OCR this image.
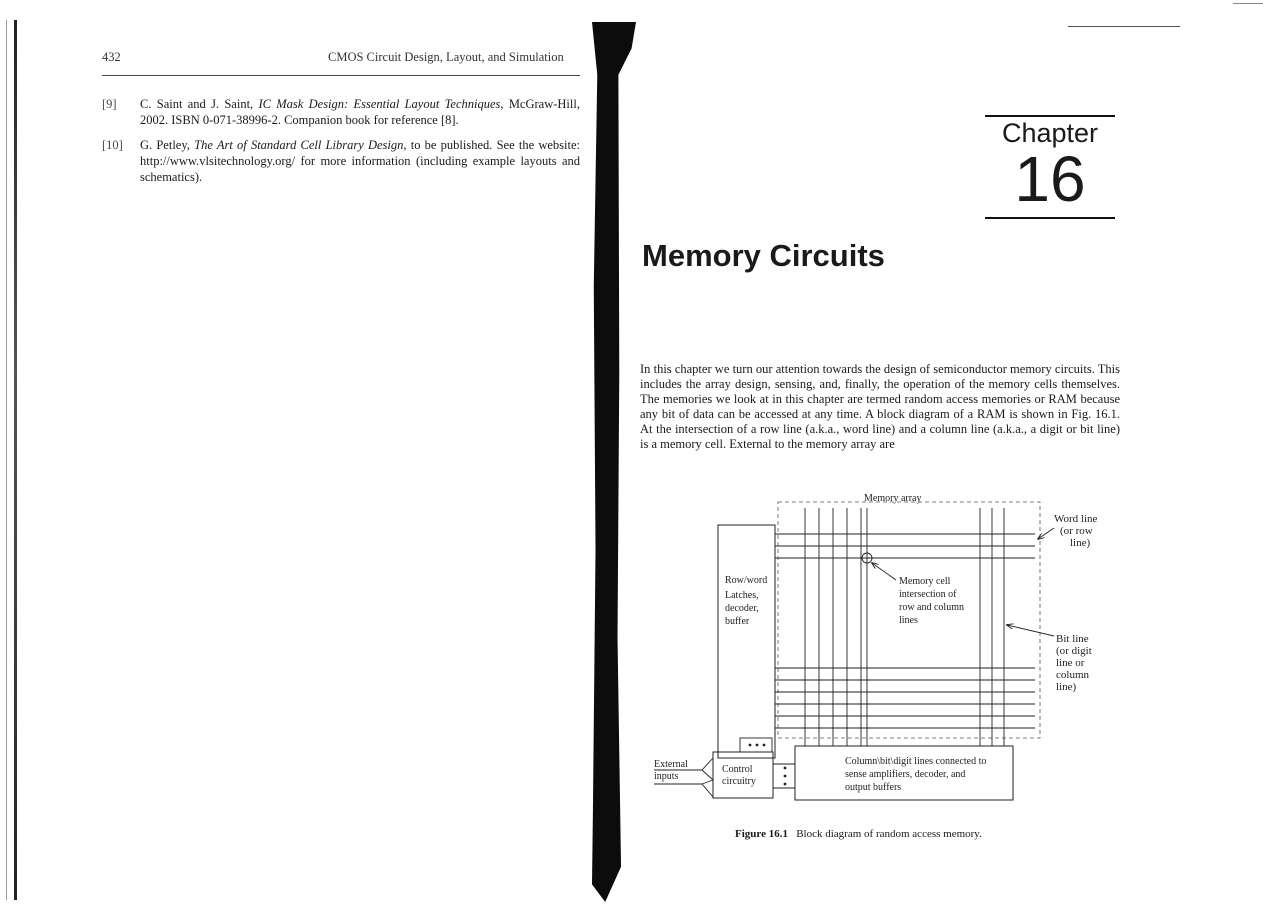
432	CMOS Circuit Design, Layout, and Simulation
[9]	C. Saint and J. Saint, IC Mask Design: Essential Layout Techniques, McGraw-Hill, 2002. ISBN 0-071-38996-2. Companion book for reference [8].
[10]	G. Petley, The Art of Standard Cell Library Design, to be published. See the website: http://www.vlsitechnology.org/ for more information (including example layouts and schematics).
Chapter
16
Memory Circuits
In this chapter we turn our attention towards the design of semiconductor memory circuits. This includes the array design, sensing, and, finally, the operation of the memory cells themselves. The memories we look at in this chapter are termed random access memories or RAM because any bit of data can be accessed at any time. A block diagram of a RAM is shown in Fig. 16.1. At the intersection of a row line (a.k.a., word line) and a column line (a.k.a., a digit or bit line) is a memory cell. External to the memory array are
Memory array
Row/word Latches, decoder, buffer
Memory cell intersection of row and column lines
Word line (or row line)
Bit line (or digit line or column line)
Control circuitry
External inputs
Column\bit\digit lines connected to sense amplifiers, decoder, and output buffers
Figure 16.1 Block diagram of random access memory.
